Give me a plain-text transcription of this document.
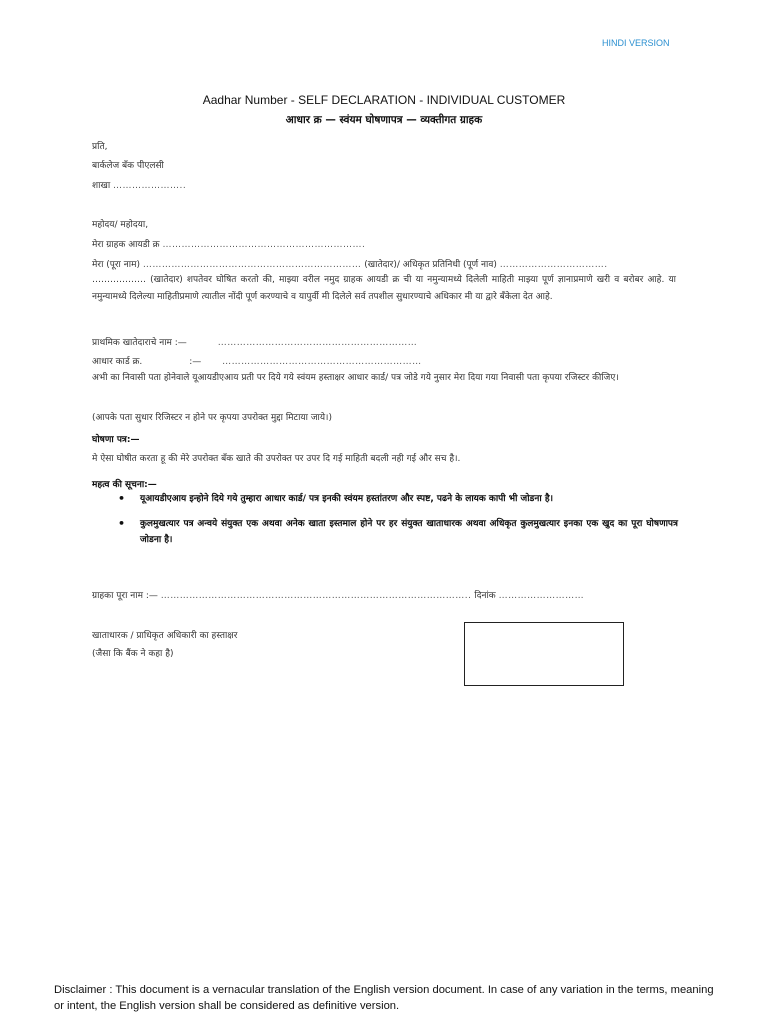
HINDI VERSION
Aadhar Number - SELF DECLARATION - INDIVIDUAL CUSTOMER
आधार क्र — स्वंयम घोषणापत्र — व्यक्तीगत ग्राहक
प्रति,
बार्कलेज बँक पीएलसी
शाखा …………………..
महोदय/ महोदया,
मेरा ग्राहक आयडी क्र ……………………………………………………….
मेरा (पूरा नाम) …………………………………………………………… (खातेदार)/ अधिकृत प्रतिनिधी (पूर्ण नाव) …………………………….
……………… (खातेदार) शपतेवर घोषित करतो की, माझ्या वरील नमुद ग्राहक आयडी क्र ची या नमुन्यामध्ये दिलेली माहिती माझ्या पूर्ण ज्ञानाप्रमाणे खरी व बरोबर आहे. या नमुन्यामध्ये दिलेल्या माहितीप्रमाणे त्यातील नोंदी पूर्ण करण्याचे व यापुर्वी मी दिलेले सर्व तपशील सुधारण्याचे अधिकार मी या द्वारे बँकेला देत आहे.
प्राथमिक खातेदाराचे नाम :—	………………………………………………………
आधार कार्ड क्र.	:— ………………………………………………………
अभी का निवासी पता होनेवाले यूआयडीएआय प्रती पर दिये गये स्वंयम हस्ताक्षर आधार कार्ड/ पत्र जोडे गये नुसार मेरा दिया गया निवासी पता कृपया रजिस्टर कीजिए।
(आपके पता सुधार रिजिस्टर न होने पर कृपया उपरोक्त मुद्दा मिटाया जाये।)
घोषणा पत्र:—
मे ऐसा घोषीत करता हू की मेरे उपरोक्त बँक खाते की उपरोक्त पर उपर दि गई माहिती बदली नही गई और सच है।.
महत्व की सूचना:—
• यूआयडीएआय इन्होने दिये गये तुम्हारा आधार कार्ड/ पत्र इनकी स्वंयम हस्तांतरण और स्पष्ट, पढने के लायक कापी भी जोडना है।
• कुलमुखत्यार पत्र अन्वये संयुक्त एक अथवा अनेक खाता इस्तमाल होने पर हर संयुक्त खाताधारक अथवा अधिकृत कुलमुखत्यार इनका एक खुद का पूरा घोषणापत्र जोडना है।
ग्राहका पूरा नाम :— …………………………………………………………………………………….. दिनांक ………………………
खाताधारक / प्राधिकृत अधिकारी का हस्ताक्षर
(जैसा कि बैंक ने कहा है)
Disclaimer : This document is a vernacular translation of the English version document. In case of any variation in the terms, meaning or intent, the English version shall be considered as definitive version.
